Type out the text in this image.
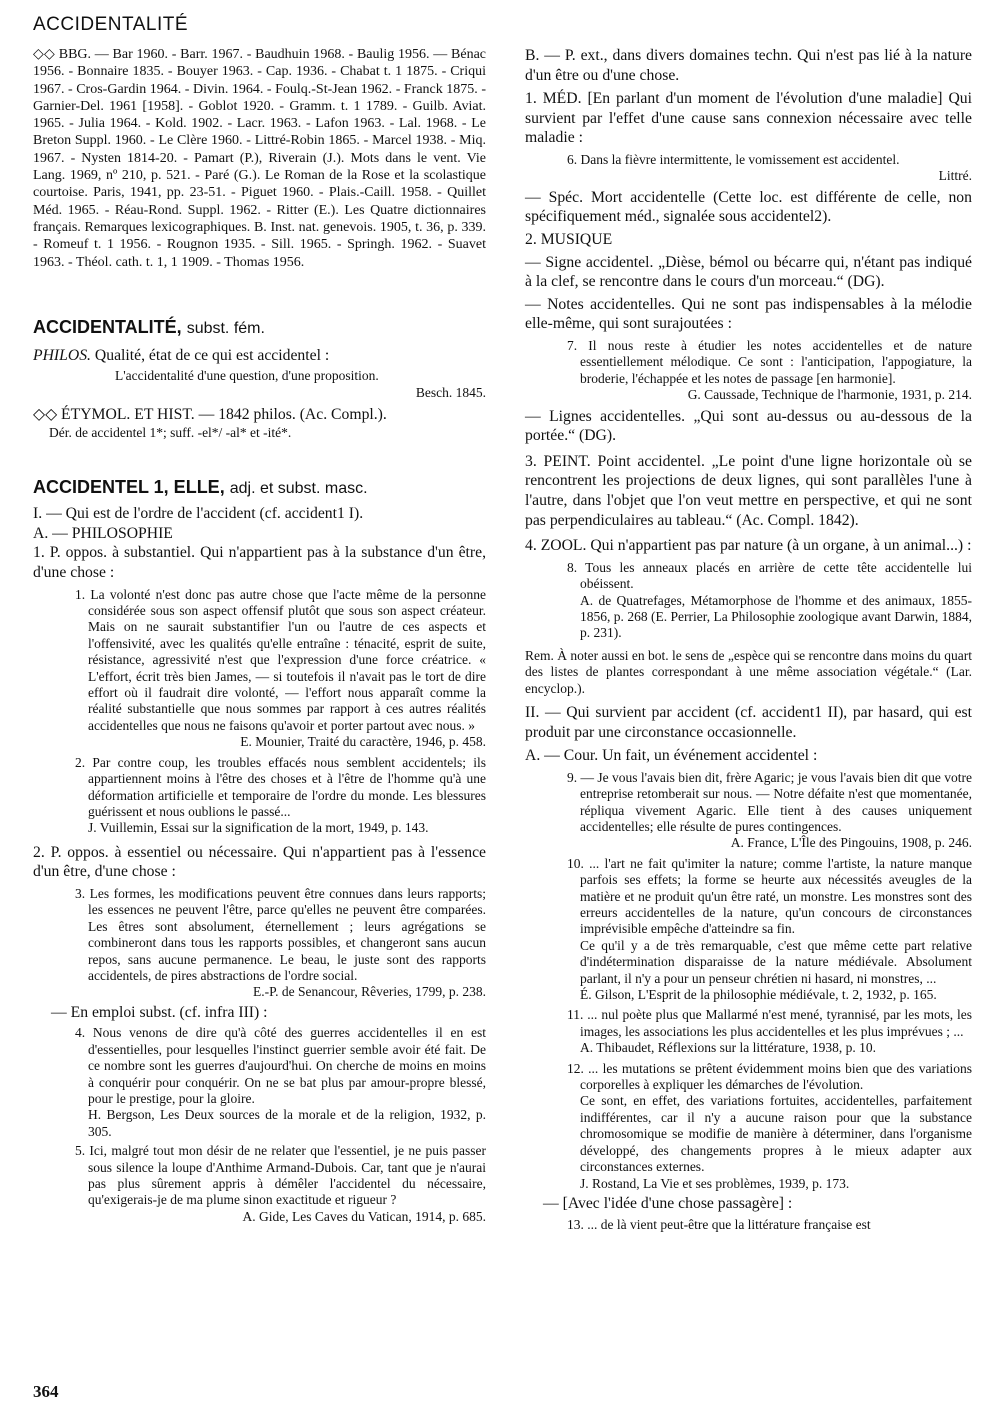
ACCIDENTALITÉ

◇◇ BBG. — Bar 1960. - Barr. 1967. - Baudhuin 1968. - Baulig 1956. — Bénac 1956. - Bonnaire 1835. - Bouyer 1963. - Cap. 1936. - Chabat t. 1 1875. - Criqui 1967. - Cros-Gardin 1964. - Divin. 1964. - Foulq.-St-Jean 1962. - Franck 1875. - Garnier-Del. 1961 [1958]. - Goblot 1920. - Gramm. t. 1 1789. - Guilb. Aviat. 1965. - Julia 1964. - Kold. 1902. - Lacr. 1963. - Lafon 1963. - Lal. 1968. - Le Breton Suppl. 1960. - Le Clère 1960. - Littré-Robin 1865. - Marcel 1938. - Miq. 1967. - Nysten 1814-20. - Pamart (P.), Riverain (J.). Mots dans le vent. Vie Lang. 1969, nº 210, p. 521. - Paré (G.). Le Roman de la Rose et la scolastique courtoise. Paris, 1941, pp. 23-51. - Piguet 1960. - Plais.-Caill. 1958. - Quillet Méd. 1965. - Réau-Rond. Suppl. 1962. - Ritter (E.). Les Quatre dictionnaires français. Remarques lexicographiques. B. Inst. nat. genevois. 1905, t. 36, p. 339. - Romeuf t. 1 1956. - Rougnon 1935. - Sill. 1965. - Springh. 1962. - Suavet 1963. - Théol. cath. t. 1, 1 1909. - Thomas 1956.

ACCIDENTALITÉ, subst. fém.

PHILOS. Qualité, état de ce qui est accidentel :

L'accidentalité d'une question, d'une proposition.
Besch. 1845.

◇◇ ÉTYMOL. ET HIST. — 1842 philos. (Ac. Compl.).

Dér. de accidentel 1*; suff. -el*/ -al* et -ité*.

ACCIDENTEL 1, ELLE, adj. et subst. masc.

I. — Qui est de l'ordre de l'accident (cf. accident1 I).

A. — PHILOSOPHIE

1. P. oppos. à substantiel. Qui n'appartient pas à la substance d'un être, d'une chose :

1. La volonté n'est donc pas autre chose que l'acte même de la personne considérée sous son aspect offensif plutôt que sous son aspect créateur. Mais on ne saurait substantifier l'un ou l'autre de ces aspects et l'offensivité, avec les qualités qu'elle entraîne : ténacité, esprit de suite, résistance, agressivité n'est que l'expression d'une force créatrice. « L'effort, écrit très bien James, — si toutefois il n'avait pas le tort de dire effort où il faudrait dire volonté, — l'effort nous apparaît comme la réalité substantielle que nous sommes par rapport à ces autres réalités accidentelles que nous ne faisons qu'avoir et porter partout avec nous. »
E. Mounier, Traité du caractère, 1946, p. 458.

2. Par contre coup, les troubles effacés nous semblent accidentels; ils appartiennent moins à l'être des choses et à l'être de l'homme qu'à une déformation artificielle et temporaire de l'ordre du monde. Les blessures guérissent et nous oublions le passé...
J. Vuillemin, Essai sur la signification de la mort, 1949, p. 143.

2. P. oppos. à essentiel ou nécessaire. Qui n'appartient pas à l'essence d'un être, d'une chose :

3. Les formes, les modifications peuvent être connues dans leurs rapports; les essences ne peuvent l'être, parce qu'elles ne peuvent être comparées. Les êtres sont absolument, éternellement ; leurs agrégations se combineront dans tous les rapports possibles, et changeront sans aucun repos, sans aucune permanence. Le beau, le juste sont des rapports accidentels, de pires abstractions de l'ordre social.
E.-P. de Senancour, Rêveries, 1799, p. 238.

— En emploi subst. (cf. infra III) :

4. Nous venons de dire qu'à côté des guerres accidentelles il en est d'essentielles, pour lesquelles l'instinct guerrier semble avoir été fait. De ce nombre sont les guerres d'aujourd'hui. On cherche de moins en moins à conquérir pour conquérir. On ne se bat plus par amour-propre blessé, pour le prestige, pour la gloire.
H. Bergson, Les Deux sources de la morale et de la religion, 1932, p. 305.

5. Ici, malgré tout mon désir de ne relater que l'essentiel, je ne puis passer sous silence la loupe d'Anthime Armand-Dubois. Car, tant que je n'aurai pas plus sûrement appris à démêler l'accidentel du nécessaire, qu'exigerais-je de ma plume sinon exactitude et rigueur ?
A. Gide, Les Caves du Vatican, 1914, p. 685.

B. — P. ext., dans divers domaines techn. Qui n'est pas lié à la nature d'un être ou d'une chose.

1. MÉD. [En parlant d'un moment de l'évolution d'une maladie] Qui survient par l'effet d'une cause sans connexion nécessaire avec telle maladie :

6. Dans la fièvre intermittente, le vomissement est accidentel.
Littré.

— Spéc. Mort accidentelle (Cette loc. est différente de celle, non spécifiquement méd., signalée sous accidentel2).

2. MUSIQUE

— Signe accidentel. „Dièse, bémol ou bécarre qui, n'étant pas indiqué à la clef, se rencontre dans le cours d'un morceau.“ (DG).

— Notes accidentelles. Qui ne sont pas indispensables à la mélodie elle-même, qui sont surajoutées :

7. Il nous reste à étudier les notes accidentelles et de nature essentiellement mélodique. Ce sont : l'anticipation, l'appogiature, la broderie, l'échappée et les notes de passage [en harmonie].
G. Caussade, Technique de l'harmonie, 1931, p. 214.

— Lignes accidentelles. „Qui sont au-dessus ou au-dessous de la portée.“ (DG).

3. PEINT. Point accidentel. „Le point d'une ligne horizontale où se rencontrent les projections de deux lignes, qui sont parallèles l'une à l'autre, dans l'objet que l'on veut mettre en perspective, et qui ne sont pas perpendiculaires au tableau.“ (Ac. Compl. 1842).

4. ZOOL. Qui n'appartient pas par nature (à un organe, à un animal...) :

8. Tous les anneaux placés en arrière de cette tête accidentelle lui obéissent.
A. de Quatrefages, Métamorphose de l'homme et des animaux, 1855-1856, p. 268 (E. Perrier, La Philosophie zoologique avant Darwin, 1884, p. 231).

Rem. À noter aussi en bot. le sens de „espèce qui se rencontre dans moins du quart des listes de plantes correspondant à une même association végétale.“ (Lar. encyclop.).

II. — Qui survient par accident (cf. accident1 II), par hasard, qui est produit par une circonstance occasionnelle.

A. — Cour. Un fait, un événement accidentel :

9. — Je vous l'avais bien dit, frère Agaric; je vous l'avais bien dit que votre entreprise retomberait sur nous. — Notre défaite n'est que momentanée, répliqua vivement Agaric. Elle tient à des causes uniquement accidentelles; elle résulte de pures contingences.
A. France, L'Île des Pingouins, 1908, p. 246.

10. ... l'art ne fait qu'imiter la nature; comme l'artiste, la nature manque parfois ses effets; la forme se heurte aux nécessités aveugles de la matière et ne produit qu'un être raté, un monstre. Les monstres sont des erreurs accidentelles de la nature, qu'un concours de circonstances imprévisible empêche d'atteindre sa fin.

Ce qu'il y a de très remarquable, c'est que même cette part relative d'indétermination disparaisse de la nature médiévale. Absolument parlant, il n'y a pour un penseur chrétien ni hasard, ni monstres, ...
É. Gilson, L'Esprit de la philosophie médiévale, t. 2, 1932, p. 165.

11. ... nul poète plus que Mallarmé n'est mené, tyrannisé, par les mots, les images, les associations les plus accidentelles et les plus imprévues ; ...
A. Thibaudet, Réflexions sur la littérature, 1938, p. 10.

12. ... les mutations se prêtent évidemment moins bien que des variations corporelles à expliquer les démarches de l'évolution.

Ce sont, en effet, des variations fortuites, accidentelles, parfaitement indifférentes, car il n'y a aucune raison pour que la substance chromosomique se modifie de manière à déterminer, dans l'organisme développé, des changements propres à le mieux adapter aux circonstances externes.
J. Rostand, La Vie et ses problèmes, 1939, p. 173.

— [Avec l'idée d'une chose passagère] :

13. ... de là vient peut-être que la littérature française est

364
